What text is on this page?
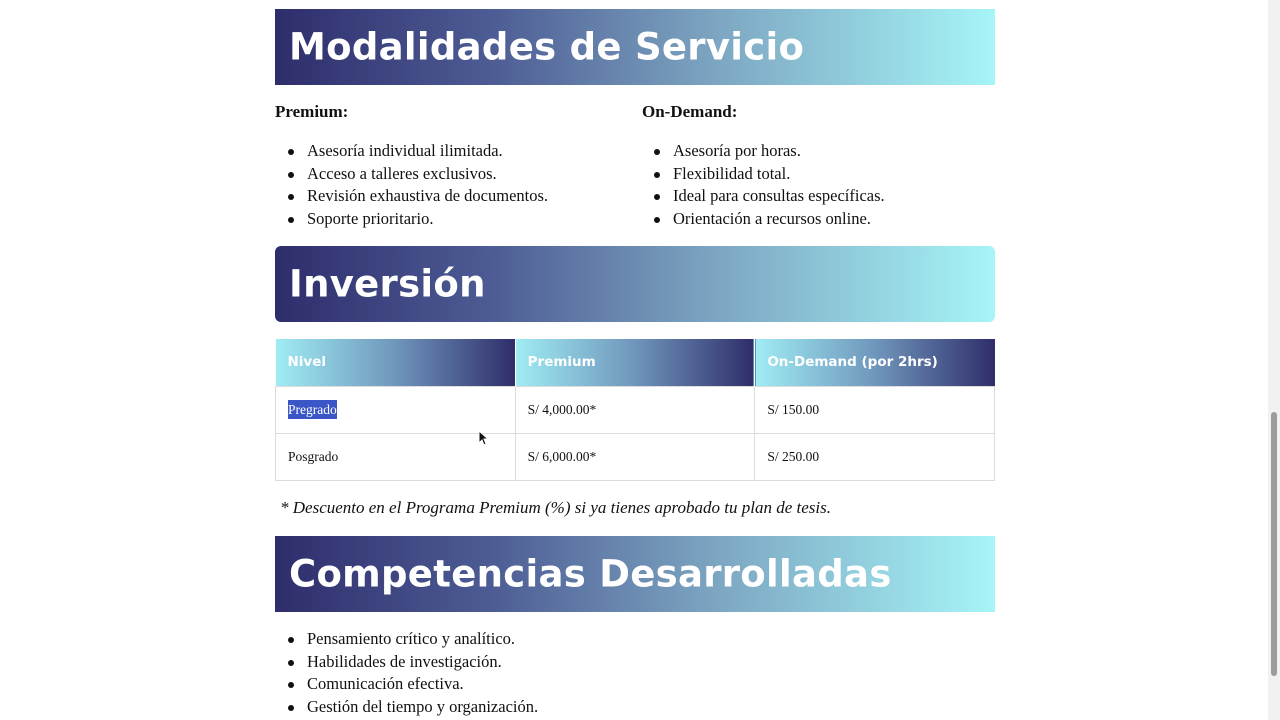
Modalidades de Servicio
Premium:	On-Demand:
Asesoría individual ilimitada.
Acceso a talleres exclusivos.
Revisión exhaustiva de documentos.
Soporte prioritario.
Asesoría por horas.
Flexibilidad total.
Ideal para consultas específicas.
Orientación a recursos online.
Inversión
Nivel	Premium	On-Demand (por 2hrs)
Pregrado	S/ 4,000.00*	S/ 150.00
Posgrado	S/ 6,000.00*	S/ 250.00
* Descuento en el Programa Premium (%) si ya tienes aprobado tu plan de tesis.
Competencias Desarrolladas
Pensamiento crítico y analítico.
Habilidades de investigación.
Comunicación efectiva.
Gestión del tiempo y organización.
